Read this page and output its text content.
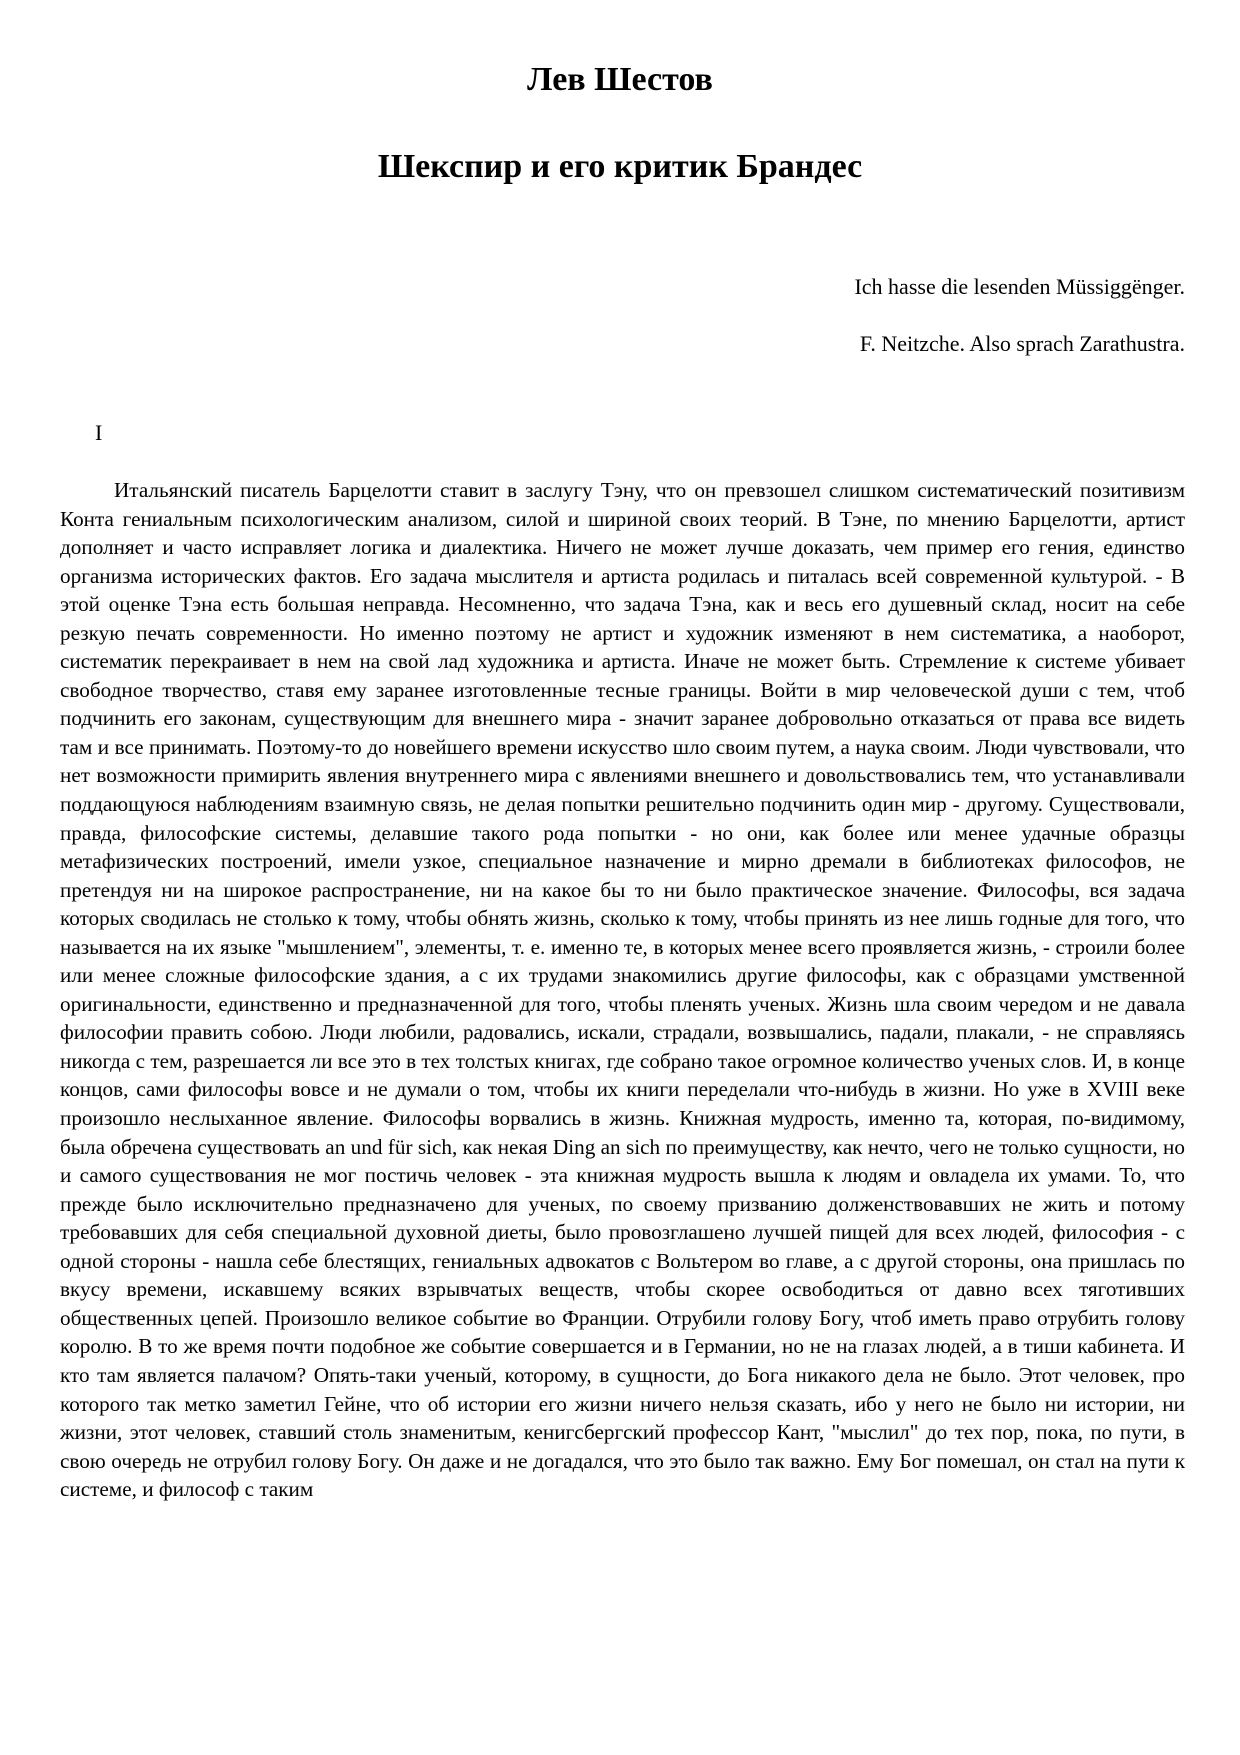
Лев Шестов
Шекспир и его критик Брандес
Ich hasse die lesenden Müssiggënger.
F. Neitzche. Also sprach Zarathustra.
I

Итальянский писатель Барцелотти ставит в заслугу Тэну, что он превзошел слишком систематический позитивизм Конта гениальным психологическим анализом, силой и шириной своих теорий. В Тэне, по мнению Барцелотти, артист дополняет и часто исправляет логика и диалектика. Ничего не может лучше доказать, чем пример его гения, единство организма исторических фактов. Его задача мыслителя и артиста родилась и питалась всей современной культурой. - В этой оценке Тэна есть большая неправда. Несомненно, что задача Тэна, как и весь его душевный склад, носит на себе резкую печать современности. Но именно поэтому не артист и художник изменяют в нем систематика, а наоборот, систематик перекраивает в нем на свой лад художника и артиста. Иначе не может быть. Стремление к системе убивает свободное творчество, ставя ему заранее изготовленные тесные границы. Войти в мир человеческой души с тем, чтоб подчинить его законам, существующим для внешнего мира - значит заранее добровольно отказаться от права все видеть там и все принимать. Поэтому-то до новейшего времени искусство шло своим путем, а наука своим. Люди чувствовали, что нет возможности примирить явления внутреннего мира с явлениями внешнего и довольствовались тем, что устанавливали поддающуюся наблюдениям взаимную связь, не делая попытки решительно подчинить один мир - другому. Существовали, правда, философские системы, делавшие такого рода попытки - но они, как более или менее удачные образцы метафизических построений, имели узкое, специальное назначение и мирно дремали в библиотеках философов, не претендуя ни на широкое распространение, ни на какое бы то ни было практическое значение. Философы, вся задача которых сводилась не столько к тому, чтобы обнять жизнь, сколько к тому, чтобы принять из нее лишь годные для того, что называется на их языке "мышлением", элементы, т. е. именно те, в которых менее всего проявляется жизнь, - строили более или менее сложные философские здания, а с их трудами знакомились другие философы, как с образцами умственной оригинальности, единственно и предназначенной для того, чтобы пленять ученых. Жизнь шла своим чередом и не давала философии править собою. Люди любили, радовались, искали, страдали, возвышались, падали, плакали, - не справляясь никогда с тем, разрешается ли все это в тех толстых книгах, где собрано такое огромное количество ученых слов. И, в конце концов, сами философы вовсе и не думали о том, чтобы их книги переделали что-нибудь в жизни. Но уже в XVIII веке произошло неслыханное явление. Философы ворвались в жизнь. Книжная мудрость, именно та, которая, по-видимому, была обречена существовать an und für sich, как некая Ding an sich по преимуществу, как нечто, чего не только сущности, но и самого существования не мог постичь человек - эта книжная мудрость вышла к людям и овладела их умами. То, что прежде было исключительно предназначено для ученых, по своему призванию долженствовавших не жить и потому требовавших для себя специальной духовной диеты, было провозглашено лучшей пищей для всех людей, философия - с одной стороны - нашла себе блестящих, гениальных адвокатов с Вольтером во главе, а с другой стороны, она пришлась по вкусу времени, искавшему всяких взрывчатых веществ, чтобы скорее освободиться от давно всех тяготивших общественных цепей. Произошло великое событие во Франции. Отрубили голову Богу, чтоб иметь право отрубить голову королю. В то же время почти подобное же событие совершается и в Германии, но не на глазах людей, а в тиши кабинета. И кто там является палачом? Опять-таки ученый, которому, в сущности, до Бога никакого дела не было. Этот человек, про которого так метко заметил Гейне, что об истории его жизни ничего нельзя сказать, ибо у него не было ни истории, ни жизни, этот человек, ставший столь знаменитым, кенигсбергский профессор Кант, "мыслил" до тех пор, пока, по пути, в свою очередь не отрубил голову Богу. Он даже и не догадался, что это было так важно. Ему Бог помешал, он стал на пути к системе, и философ с таким
